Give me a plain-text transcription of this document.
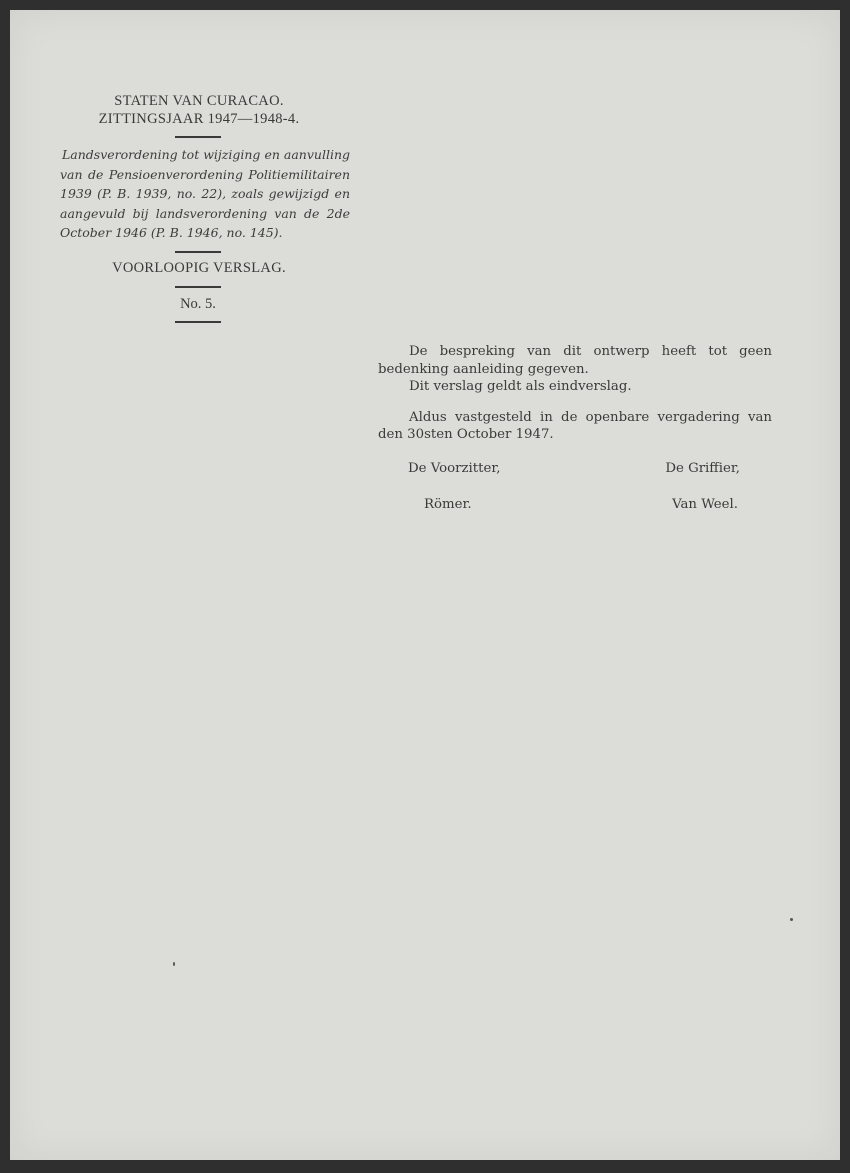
STATEN VAN CURACAO.
ZITTINGSJAAR 1947—1948-4.
Landsverordening tot wijziging en aanvulling van de Pensioenverordening Politiemilitairen 1939 (P. B. 1939, no. 22), zoals gewijzigd en aangevuld bij landsverordening van de 2de October 1946 (P. B. 1946, no. 145).
VOORLOOPIG VERSLAG.
No. 5.

De bespreking van dit ontwerp heeft tot geen bedenking aanleiding gegeven.

Dit verslag geldt als eindverslag.

Aldus vastgesteld in de openbare vergadering van den 30sten October 1947.

De Voorzitter,	De Griffier,
Römer.	Van Weel.
